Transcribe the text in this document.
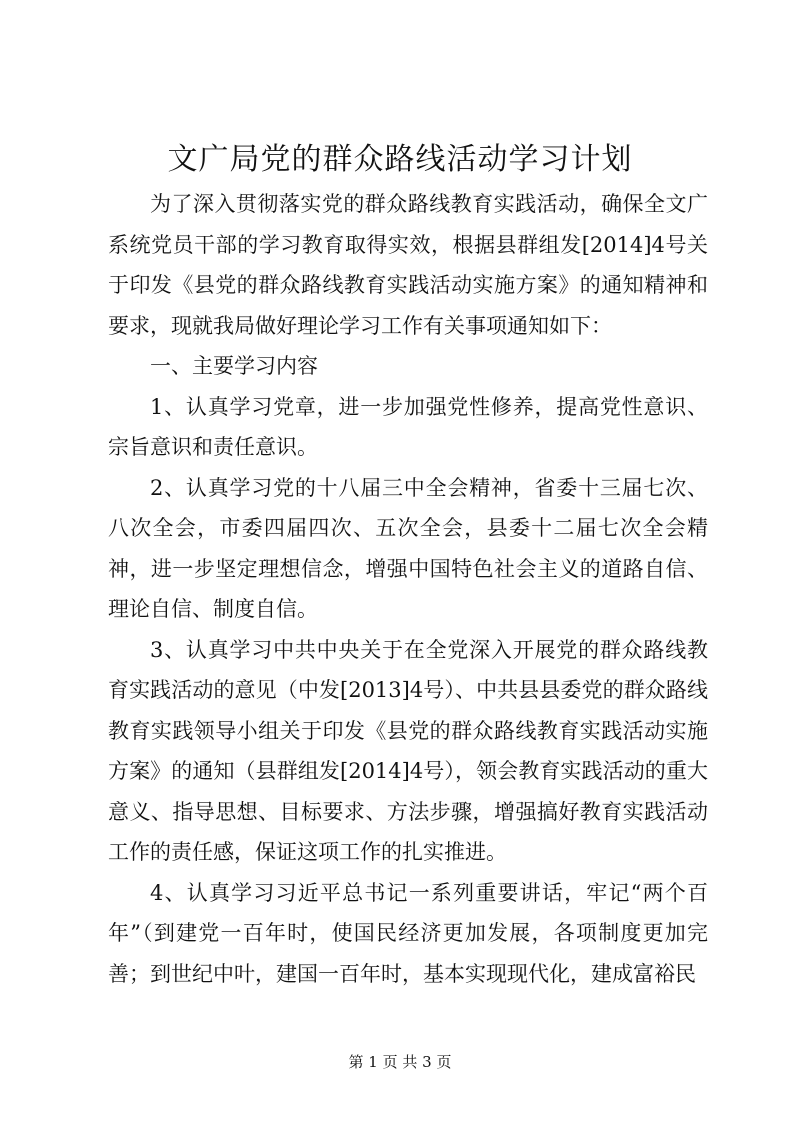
文广局党的群众路线活动学习计划

为了深入贯彻落实党的群众路线教育实践活动，确保全文广系统党员干部的学习教育取得实效，根据县群组发[2014]4号关于印发《县党的群众路线教育实践活动实施方案》的通知精神和要求，现就我局做好理论学习工作有关事项通知如下：

一、主要学习内容

1、认真学习党章，进一步加强党性修养，提高党性意识、宗旨意识和责任意识。

2、认真学习党的十八届三中全会精神，省委十三届七次、八次全会，市委四届四次、五次全会，县委十二届七次全会精神，进一步坚定理想信念，增强中国特色社会主义的道路自信、理论自信、制度自信。

3、认真学习中共中央关于在全党深入开展党的群众路线教育实践活动的意见（中发[2013]4号）、中共县县委党的群众路线教育实践领导小组关于印发《县党的群众路线教育实践活动实施方案》的通知（县群组发[2014]4号），领会教育实践活动的重大意义、指导思想、目标要求、方法步骤，增强搞好教育实践活动工作的责任感，保证这项工作的扎实推进。

4、认真学习习近平总书记一系列重要讲话，牢记“两个百年”（到建党一百年时，使国民经济更加发展，各项制度更加完善；到世纪中叶，建国一百年时，基本实现现代化，建成富裕民

第 1 页 共 3 页
